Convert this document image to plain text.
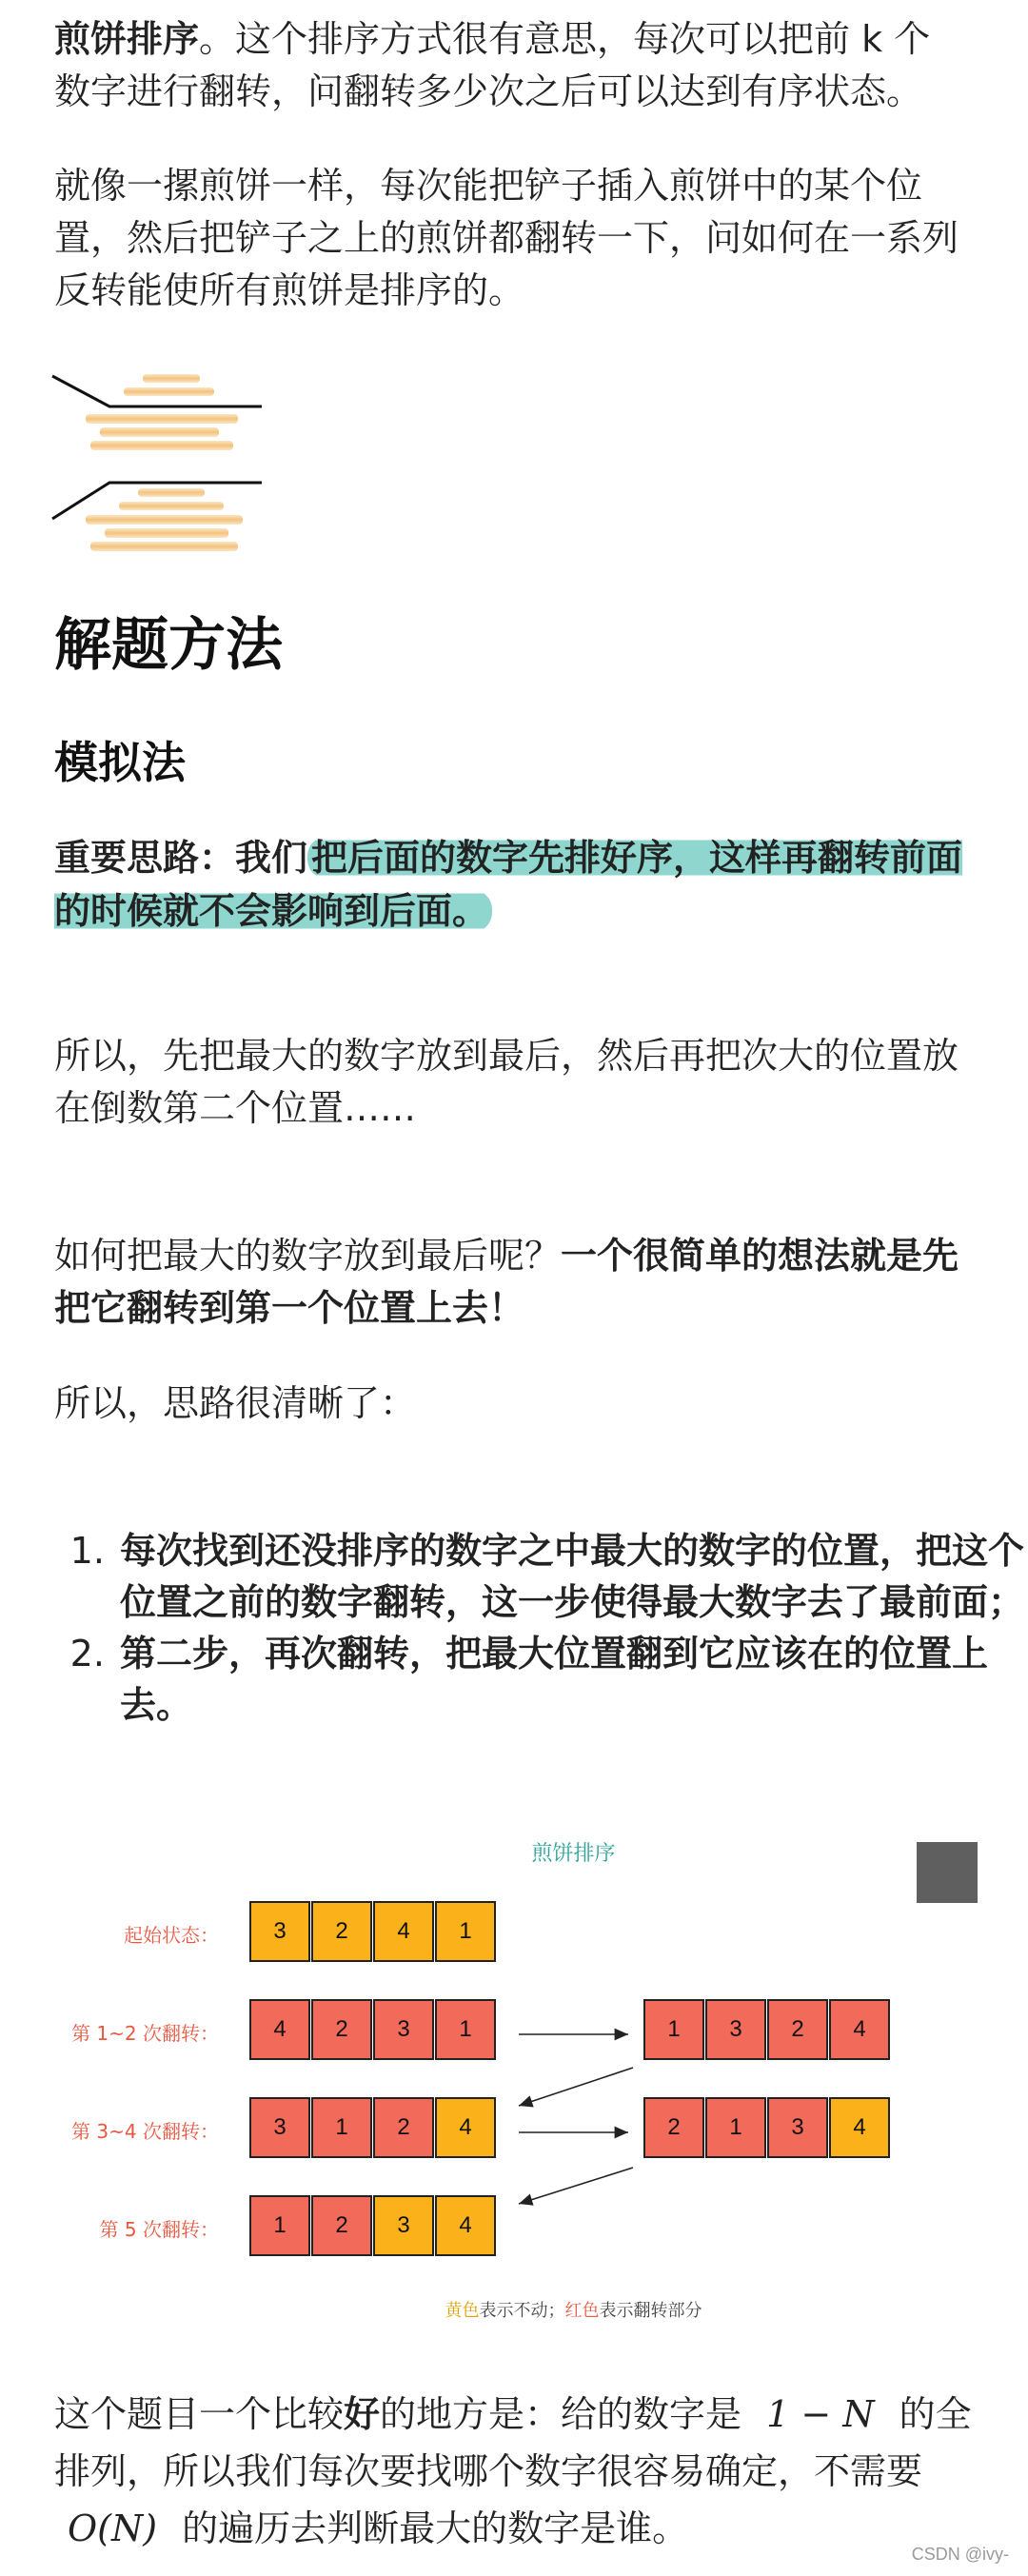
煎饼排序。这个排序方式很有意思，每次可以把前 k 个
数字进行翻转，问翻转多少次之后可以达到有序状态。
就像一摞煎饼一样，每次能把铲子插入煎饼中的某个位置，然后把铲子之上的煎饼都翻转一下，问如何在一系列反转能使所有煎饼是排序的。
解题方法
模拟法
重要思路：我们 把后面的数字先排好序，这样再翻转前面的时候就不会影响到后面。
所以，先把最大的数字放到最后，然后再把次大的位置放在倒数第二个位置……
如何把最大的数字放到最后呢？一个很简单的想法就是先把它翻转到第一个位置上去！
所以，思路很清晰了：
1. 每次找到还没排序的数字之中最大的数字的位置，把这个位置之前的数字翻转，这一步使得最大数字去了最前面；
2. 第二步，再次翻转，把最大位置翻到它应该在的位置上去。
煎饼排序
起始状态：	3	2	4	1
第 1~2 次翻转：	4	2	3	1	1	3	2	4
第 3~4 次翻转：	3	1	2	4	2	1	3	4
第 5 次翻转：	1	2	3	4
黄色表示不动；红色表示翻转部分
这个题目一个比较好的地方是：给的数字是 1 − N 的全排列，所以我们每次要找哪个数字很容易确定，不需要 O(N) 的遍历去判断最大的数字是谁。
CSDN @ivy-
